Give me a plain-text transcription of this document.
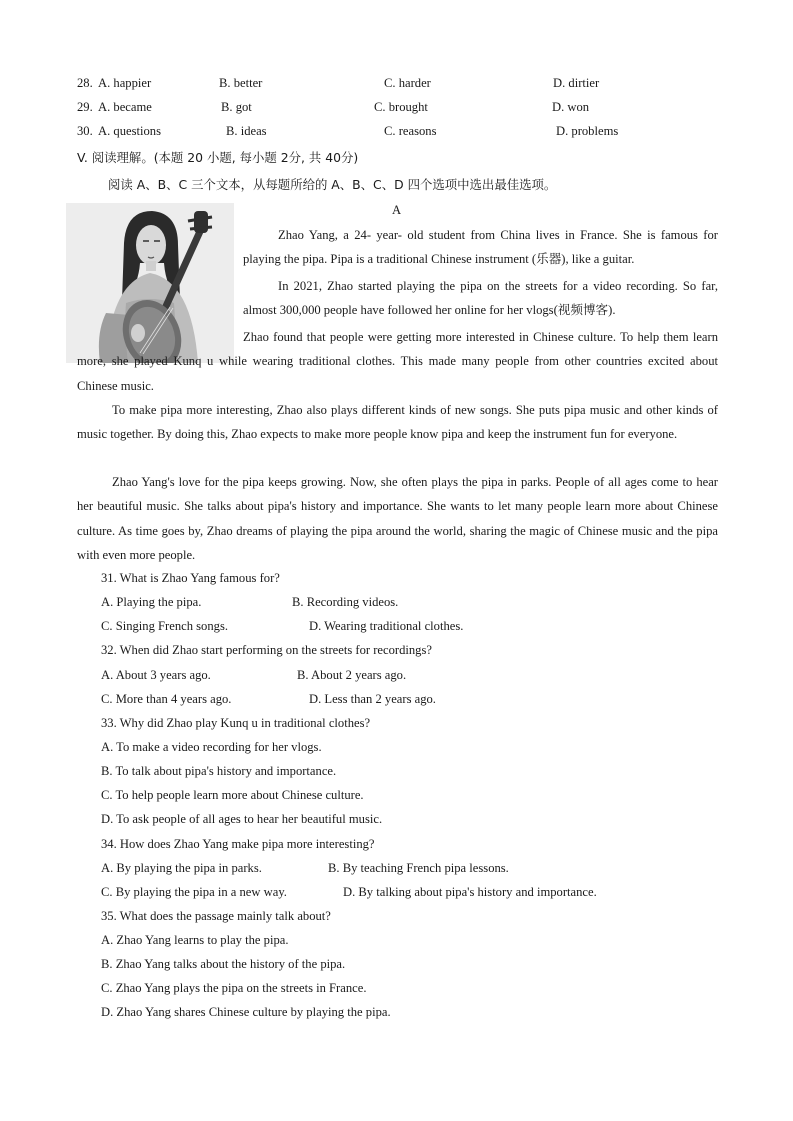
28. A. happier	B. better	C. harder	D. dirtier
29. A. became	B. got	C. brought	D. won
30. A. questions	B. ideas	C. reasons	D. problems
V. 阅读理解。(本题 20 小题, 每小题 2分, 共 40分)
阅读 A、B、C 三个文本，从每题所给的 A、B、C、D 四个选项中选出最佳选项。
A

Zhao Yang, a 24- year- old student from China lives in France. She is famous for playing the pipa. Pipa is a traditional Chinese instrument (乐器), like a guitar.

In 2021, Zhao started playing the pipa on the streets for a video recording. So far, almost 300,000 people have followed her online for her vlogs(视频博客).

Zhao found that people were getting more interested in Chinese culture. To help them learn more, she played Kunq u while wearing traditional clothes. This made many people from other countries excited about Chinese music.

To make pipa more interesting, Zhao also plays different kinds of new songs. She puts pipa music and other kinds of music together. By doing this, Zhao expects to make more people know pipa and keep the instrument fun for everyone.

Zhao Yang's love for the pipa keeps growing. Now, she often plays the pipa in parks. People of all ages come to hear her beautiful music. She talks about pipa's history and importance. She wants to let many people learn more about Chinese culture. As time goes by, Zhao dreams of playing the pipa around the world, sharing the magic of Chinese music and the pipa with even more people.

31. What is Zhao Yang famous for?
A. Playing the pipa.	B. Recording videos.
C. Singing French songs.	D. Wearing traditional clothes.
32. When did Zhao start performing on the streets for recordings?
A. About 3 years ago.	B. About 2 years ago.
C. More than 4 years ago.	D. Less than 2 years ago.
33. Why did Zhao play Kunq u in traditional clothes?
A. To make a video recording for her vlogs.
B. To talk about pipa's history and importance.
C. To help people learn more about Chinese culture.
D. To ask people of all ages to hear her beautiful music.
34. How does Zhao Yang make pipa more interesting?
A. By playing the pipa in parks.	B. By teaching French pipa lessons.
C. By playing the pipa in a new way.	D. By talking about pipa's history and importance.
35. What does the passage mainly talk about?
A. Zhao Yang learns to play the pipa.
B. Zhao Yang talks about the history of the pipa.
C. Zhao Yang plays the pipa on the streets in France.
D. Zhao Yang shares Chinese culture by playing the pipa.
